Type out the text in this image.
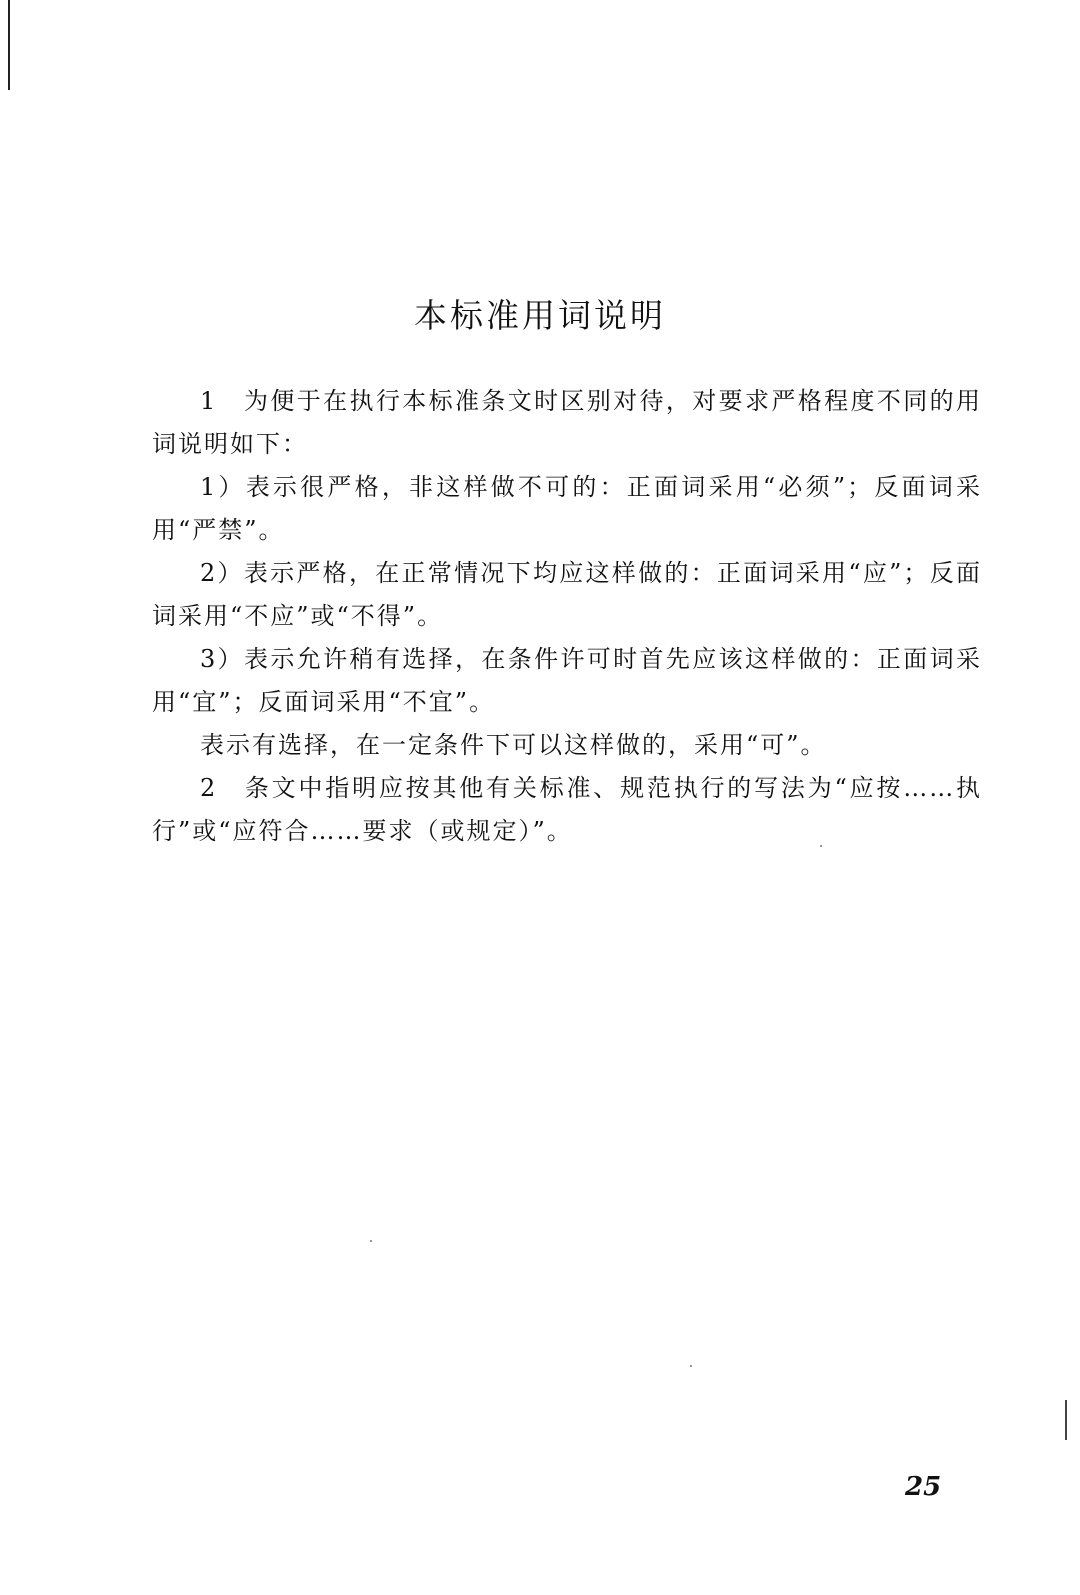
本标准用词说明

1　为便于在执行本标准条文时区别对待，对要求严格程度不同的用词说明如下：

1）表示很严格，非这样做不可的：正面词采用“必须”；反面词采用“严禁”。

2）表示严格，在正常情况下均应这样做的：正面词采用“应”；反面词采用“不应”或“不得”。

3）表示允许稍有选择，在条件许可时首先应该这样做的：正面词采用“宜”；反面词采用“不宜”。

表示有选择，在一定条件下可以这样做的，采用“可”。

2　条文中指明应按其他有关标准、规范执行的写法为“应按……执行”或“应符合……要求（或规定）”。

25
